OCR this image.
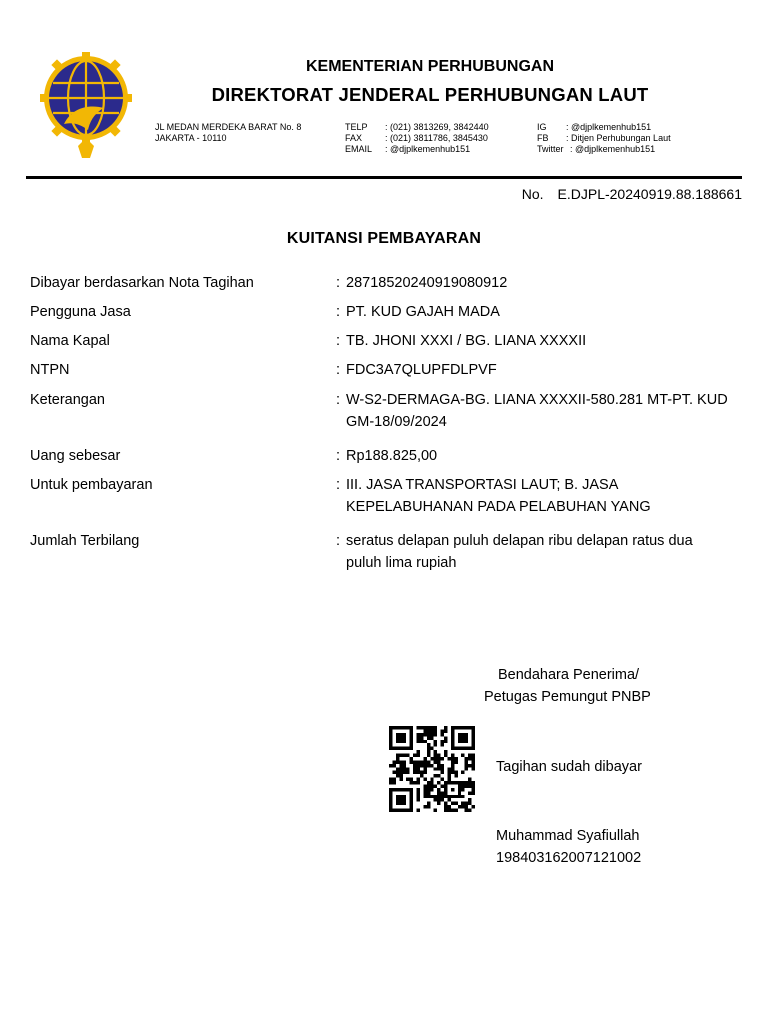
KEMENTERIAN PERHUBUNGAN
DIREKTORAT JENDERAL PERHUBUNGAN LAUT
JL MEDAN MERDEKA BARAT No. 8
JAKARTA - 10110
TELP : (021) 3813269, 3842440
FAX	: (021) 3811786, 3845430
EMAIL : @djplkemenhub151
IG : @djplkemenhub151
FB : Ditjen Perhubungan Laut
Twitter : @djplkemenhub151
No. E.DJPL-20240919.88.188661
KUITANSI PEMBAYARAN
Dibayar berdasarkan Nota Tagihan	: 28718520240919080912
Pengguna Jasa	: PT. KUD GAJAH MADA
Nama Kapal	: TB. JHONI XXXI / BG. LIANA XXXXII
NTPN	: FDC3A7QLUPFDLPVF
Keterangan	: W-S2-DERMAGA-BG. LIANA XXXXII-580.281 MT-PT. KUD GM-18/09/2024
Uang sebesar	: Rp188.825,00
Untuk pembayaran	: III. JASA TRANSPORTASI LAUT; B. JASA KEPELABUHANAN PADA PELABUHAN YANG
Jumlah Terbilang	: seratus delapan puluh delapan ribu delapan ratus dua puluh lima rupiah
Bendahara Penerima/
Petugas Pemungut PNBP
Tagihan sudah dibayar
Muhammad Syafiullah
198403162007121002
